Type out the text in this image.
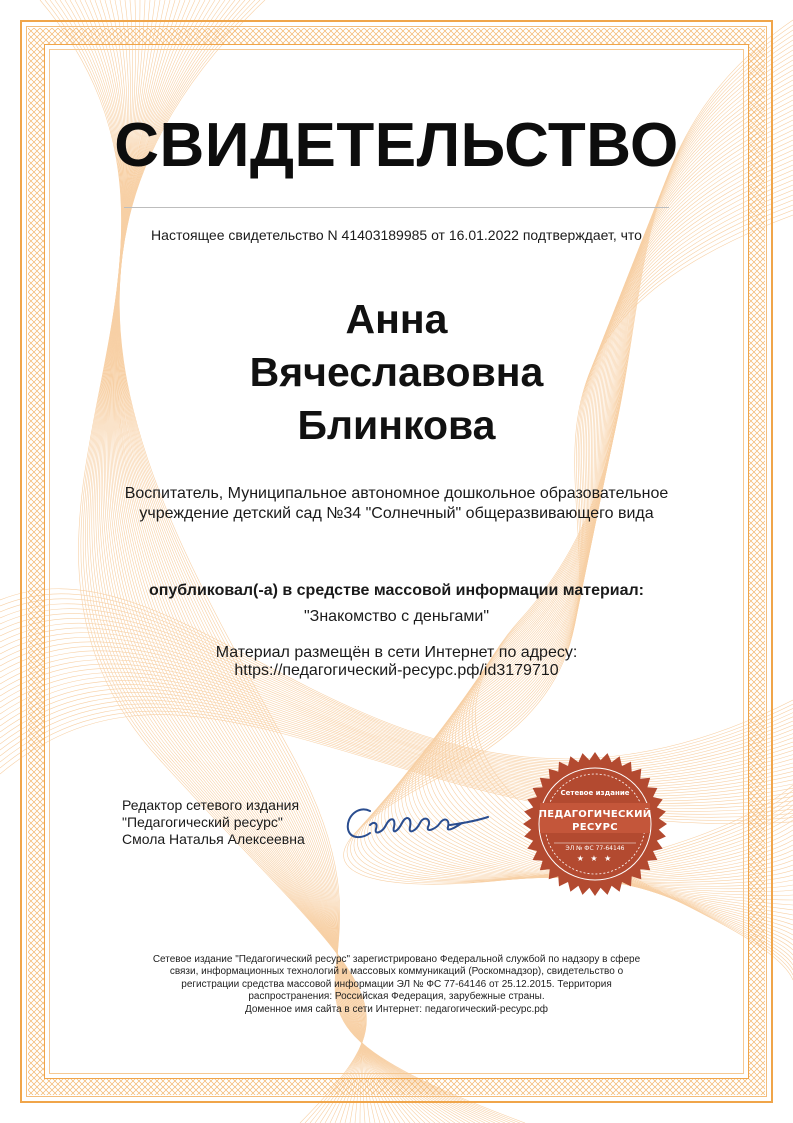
СВИДЕТЕЛЬСТВО
Настоящее свидетельство N 41403189985 от 16.01.2022 подтверждает, что
Анна
Вячеславовна
Блинкова
Воспитатель, Муниципальное автономное дошкольное образовательное
учреждение детский сад №34 "Солнечный" общеразвивающего вида
опубликовал(-а) в средстве массовой информации материал:
"Знакомство с деньгами"
Материал размещён в сети Интернет по адресу:
https://педагогический-ресурс.рф/id3179710
Редактор сетевого издания
"Педагогический ресурс"
Смола Наталья Алексеевна
Сетевое издание
ПЕДАГОГИЧЕСКИЙ
РЕСУРС
ЭЛ № ФС 77-64146
★ ★ ★
Сетевое издание "Педагогический ресурс" зарегистрировано Федеральной службой по надзору в сфере
связи, информационных технологий и массовых коммуникаций (Роскомнадзор), свидетельство о
регистрации средства массовой информации ЭЛ № ФС 77-64146 от 25.12.2015. Территория
распространения: Российская Федерация, зарубежные страны.
Доменное имя сайта в сети Интернет: педагогический-ресурс.рф
